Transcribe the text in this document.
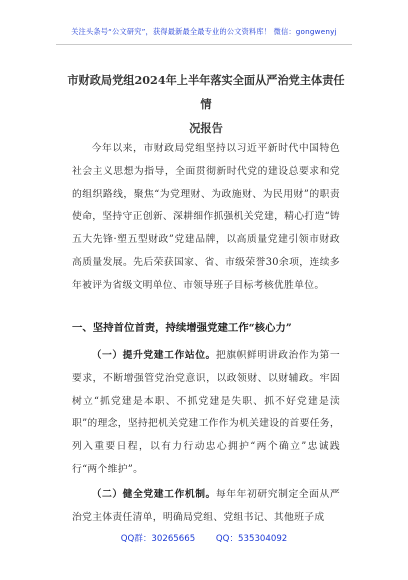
关注头条号“公文研究”，获得最新最全最专业的公文资料库！ 微信：gongwenyj
市财政局党组2024年上半年落实全面从严治党主体责任情
况报告

今年以来，市财政局党组坚持以习近平新时代中国特色社会主义思想为指导，全面贯彻新时代党的建设总要求和党的组织路线，聚焦“为党理财、为政施财、为民用财”的职责使命，坚持守正创新、深耕细作抓强机关党建，精心打造“铸五大先锋·塑五型财政”党建品牌，以高质量党建引领市财政高质量发展。先后荣获国家、省、市级荣誉30余项，连续多年被评为省级文明单位、市领导班子目标考核优胜单位。

一、坚持首位首责，持续增强党建工作“核心力”

（一）提升党建工作站位。把旗帜鲜明讲政治作为第一要求，不断增强管党治党意识，以政领财、以财辅政。牢固树立“抓党建是本职、不抓党建是失职、抓不好党建是渎职”的理念，坚持把机关党建工作作为机关建设的首要任务，列入重要日程，以有力行动忠心拥护“两个确立”忠诚践行“两个维护”。

（二）健全党建工作机制。每年年初研究制定全面从严治党主体责任清单，明确局党组、党组书记、其他班子成

QQ群：30265665 QQ：535304092
